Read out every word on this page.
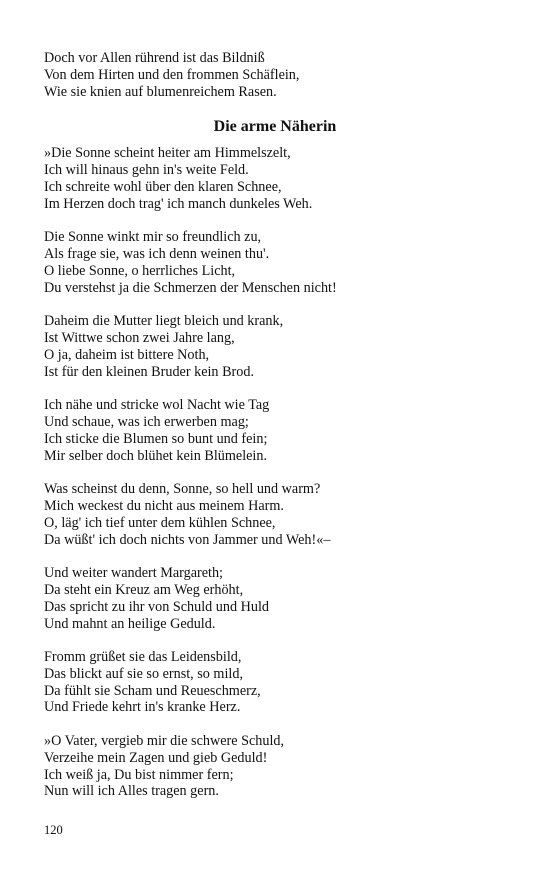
Doch vor Allen rührend ist das Bildniß
Von dem Hirten und den frommen Schäflein,
Wie sie knien auf blumenreichem Rasen.
Die arme Näherin
»Die Sonne scheint heiter am Himmelszelt,
Ich will hinaus gehn in's weite Feld.
Ich schreite wohl über den klaren Schnee,
Im Herzen doch trag' ich manch dunkeles Weh.
Die Sonne winkt mir so freundlich zu,
Als frage sie, was ich denn weinen thu'.
O liebe Sonne, o herrliches Licht,
Du verstehst ja die Schmerzen der Menschen nicht!
Daheim die Mutter liegt bleich und krank,
Ist Wittwe schon zwei Jahre lang,
O ja, daheim ist bittere Noth,
Ist für den kleinen Bruder kein Brod.
Ich nähe und stricke wol Nacht wie Tag
Und schaue, was ich erwerben mag;
Ich sticke die Blumen so bunt und fein;
Mir selber doch blühet kein Blümelein.
Was scheinst du denn, Sonne, so hell und warm?
Mich weckest du nicht aus meinem Harm.
O, läg' ich tief unter dem kühlen Schnee,
Da wüßt' ich doch nichts von Jammer und Weh!«–
Und weiter wandert Margareth;
Da steht ein Kreuz am Weg erhöht,
Das spricht zu ihr von Schuld und Huld
Und mahnt an heilige Geduld.
Fromm grüßet sie das Leidensbild,
Das blickt auf sie so ernst, so mild,
Da fühlt sie Scham und Reueschmerz,
Und Friede kehrt in's kranke Herz.
»O Vater, vergieb mir die schwere Schuld,
Verzeihe mein Zagen und gieb Geduld!
Ich weiß ja, Du bist nimmer fern;
Nun will ich Alles tragen gern.
120
